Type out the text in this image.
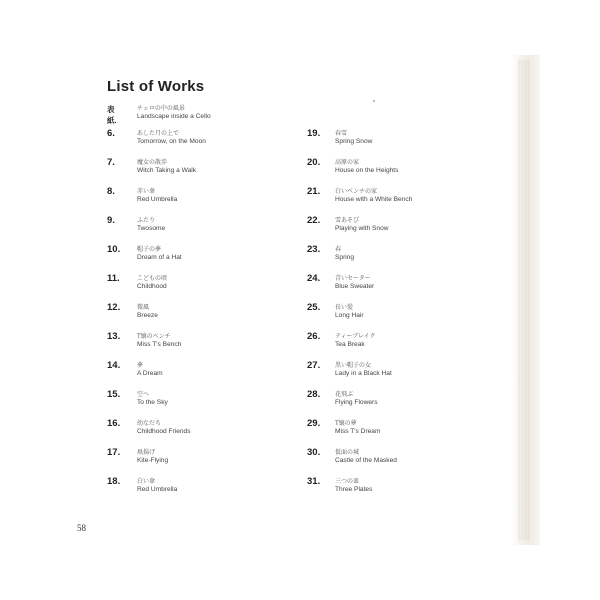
List of Works
表紙.
チェロの中の風景
Landscape inside a Cello
6.	あした月の上で
Tomorrow, on the Moon
7.	魔女の散歩
Witch Taking a Walk
8.	赤い傘
Red Umbrella
9.	ふたり
Twosome
10.	帽子の夢
Dream of a Hat
11.	こどもの頃
Childhood
12.	微風
Breeze
13.	T嬢のベンチ
Miss T's Bench
14.	夢
A Dream
15.	空へ
To the Sky
16.	幼なだち
Childhood Friends
17.	凧揚げ
Kite-Flying
18.	白い傘
Red Umbrella
19. 春雪
Spring Snow
20. 高原の家
House on the Heights
21. 白いベンチの家
House with a White Bench
22. 雪あそび
Playing with Snow
23. 春
Spring
24. 青いセーター
Blue Sweater
25. 長い髪
Long Hair
26. ティーブレイク
Tea Break
27. 黒い帽子の女
Lady in a Black Hat
28. 花飛ぶ
Flying Flowers
29. T嬢の夢
Miss T's Dream
30. 仮面の城
Castle of the Masked
31. 三つの皿
Three Plates
58
